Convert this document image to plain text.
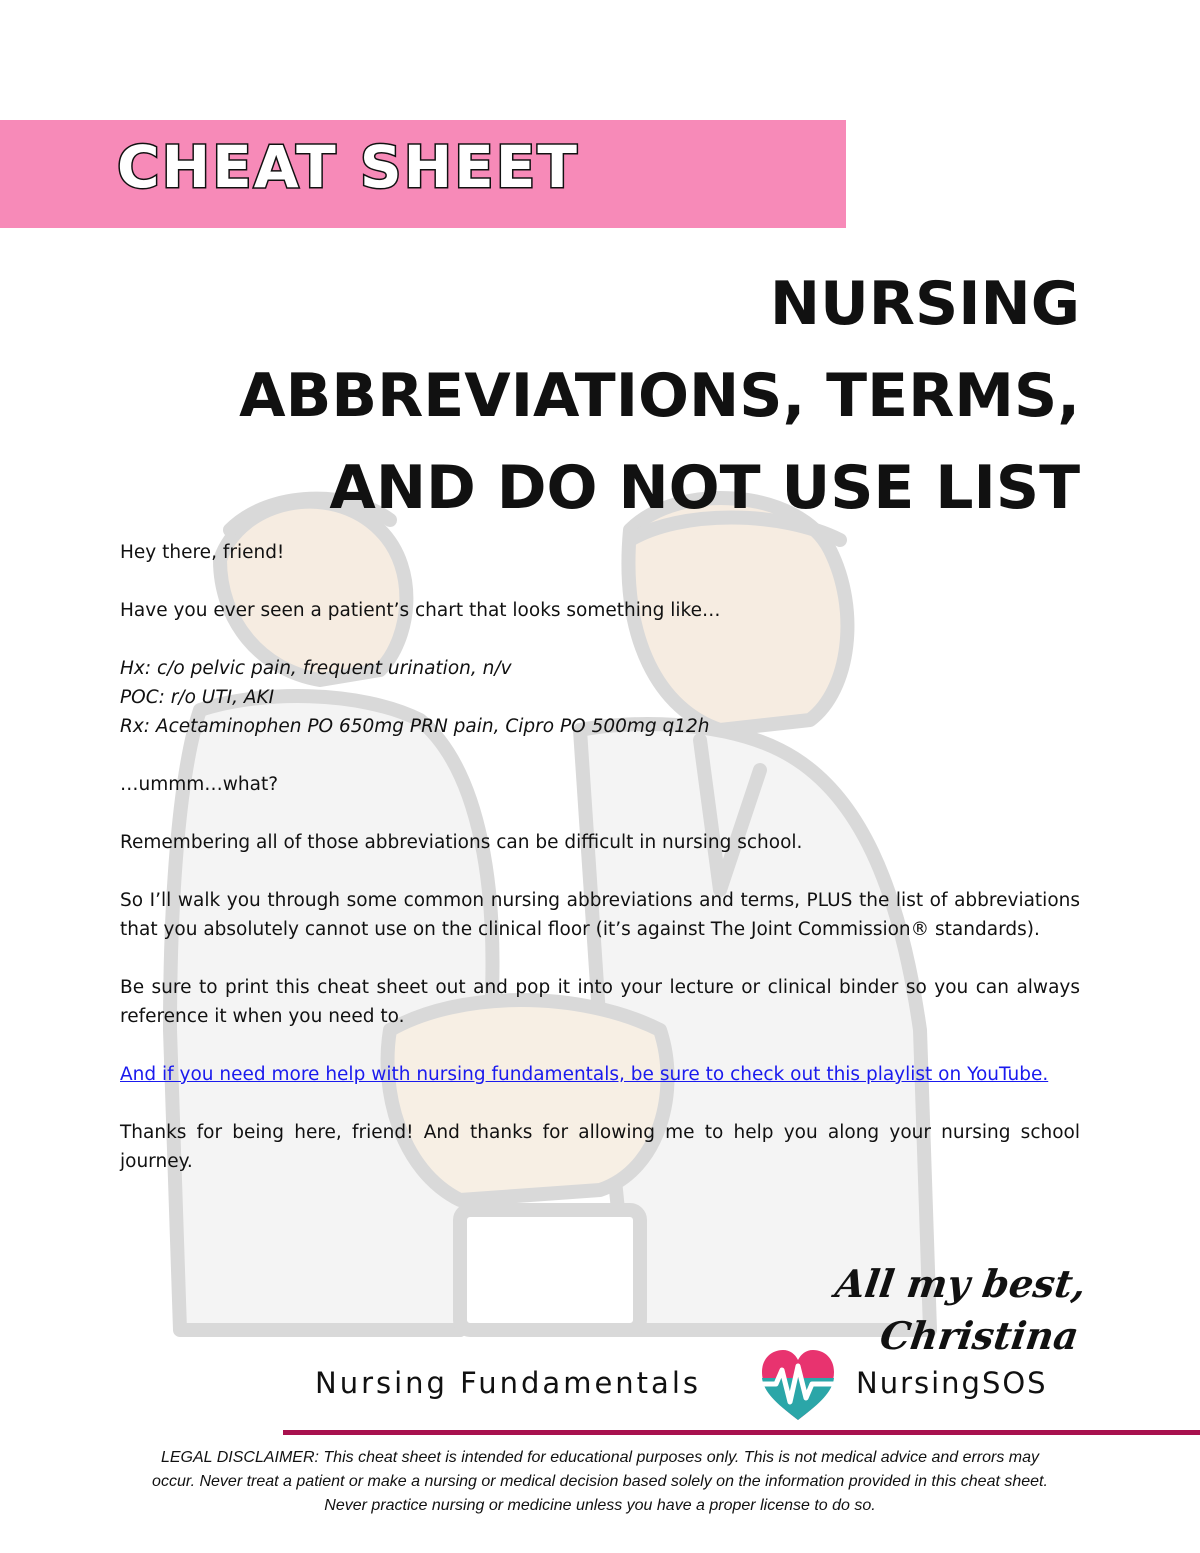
CHEAT SHEET
NURSING
ABBREVIATIONS, TERMS,
AND DO NOT USE LIST

Hey there, friend!

Have you ever seen a patient’s chart that looks something like…

Hx: c/o pelvic pain, frequent urination, n/v

POC: r/o UTI, AKI

Rx: Acetaminophen PO 650mg PRN pain, Cipro PO 500mg q12h

…ummm…what?

Remembering all of those abbreviations can be difficult in nursing school.

So I’ll walk you through some common nursing abbreviations and terms, PLUS the list of abbreviations that you absolutely cannot use on the clinical floor (it’s against The Joint Commission® standards).

Be sure to print this cheat sheet out and pop it into your lecture or clinical binder so you can always reference it when you need to.

And if you need more help with nursing fundamentals, be sure to check out this playlist on YouTube.

Thanks for being here, friend! And thanks for allowing me to help you along your nursing school journey.

All my best,
Christina
Nursing Fundamentals	NursingSOS
LEGAL DISCLAIMER: This cheat sheet is intended for educational purposes only. This is not medical advice and errors may occur. Never treat a patient or make a nursing or medical decision based solely on the information provided in this cheat sheet. Never practice nursing or medicine unless you have a proper license to do so.
